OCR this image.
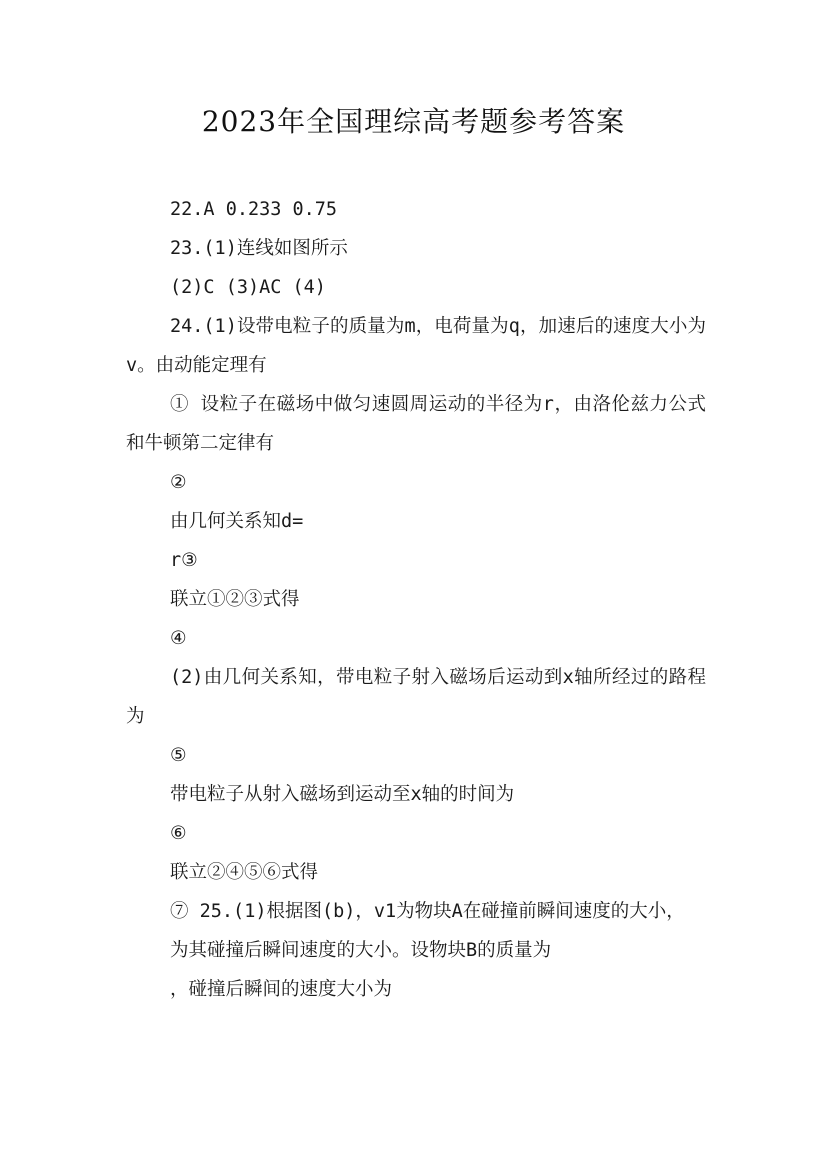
2023年全国理综高考题参考答案

22.A 0.233 0.75

23.(1)连线如图所示

(2)C (3)AC (4)

24.(1)设带电粒子的质量为m，电荷量为q，加速后的速度大小为v。由动能定理有

① 设粒子在磁场中做匀速圆周运动的半径为r，由洛伦兹力公式和牛顿第二定律有

②

由几何关系知d=

r③

联立①②③式得

④

(2)由几何关系知，带电粒子射入磁场后运动到x轴所经过的路程为

⑤

带电粒子从射入磁场到运动至x轴的时间为

⑥

联立②④⑤⑥式得

⑦ 25.(1)根据图(b)，v1为物块A在碰撞前瞬间速度的大小，

为其碰撞后瞬间速度的大小。设物块B的质量为

，碰撞后瞬间的速度大小为
